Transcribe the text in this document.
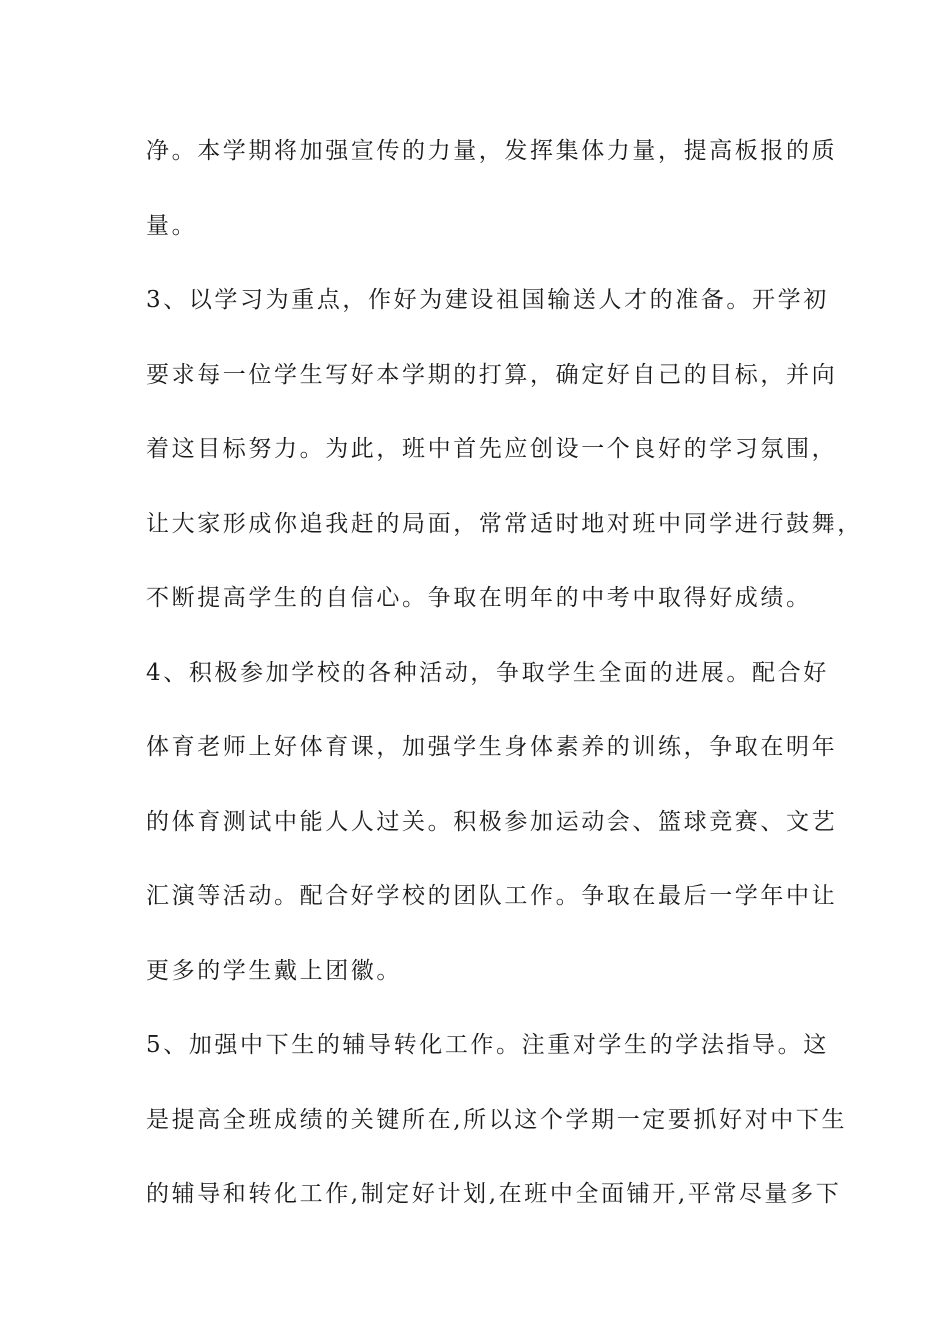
净。本学期将加强宣传的力量，发挥集体力量，提高板报的质
量。
3、以学习为重点，作好为建设祖国输送人才的准备。开学初
要求每一位学生写好本学期的打算，确定好自己的目标，并向
着这目标努力。为此，班中首先应创设一个良好的学习氛围，
让大家形成你追我赶的局面，常常适时地对班中同学进行鼓舞，
不断提高学生的自信心。争取在明年的中考中取得好成绩。
4、积极参加学校的各种活动，争取学生全面的进展。配合好
体育老师上好体育课，加强学生身体素养的训练，争取在明年
的体育测试中能人人过关。积极参加运动会、篮球竞赛、文艺
汇演等活动。配合好学校的团队工作。争取在最后一学年中让
更多的学生戴上团徽。
5、加强中下生的辅导转化工作。注重对学生的学法指导。这
是提高全班成绩的关键所在,所以这个学期一定要抓好对中下生
的辅导和转化工作,制定好计划,在班中全面铺开,平常尽量多下
